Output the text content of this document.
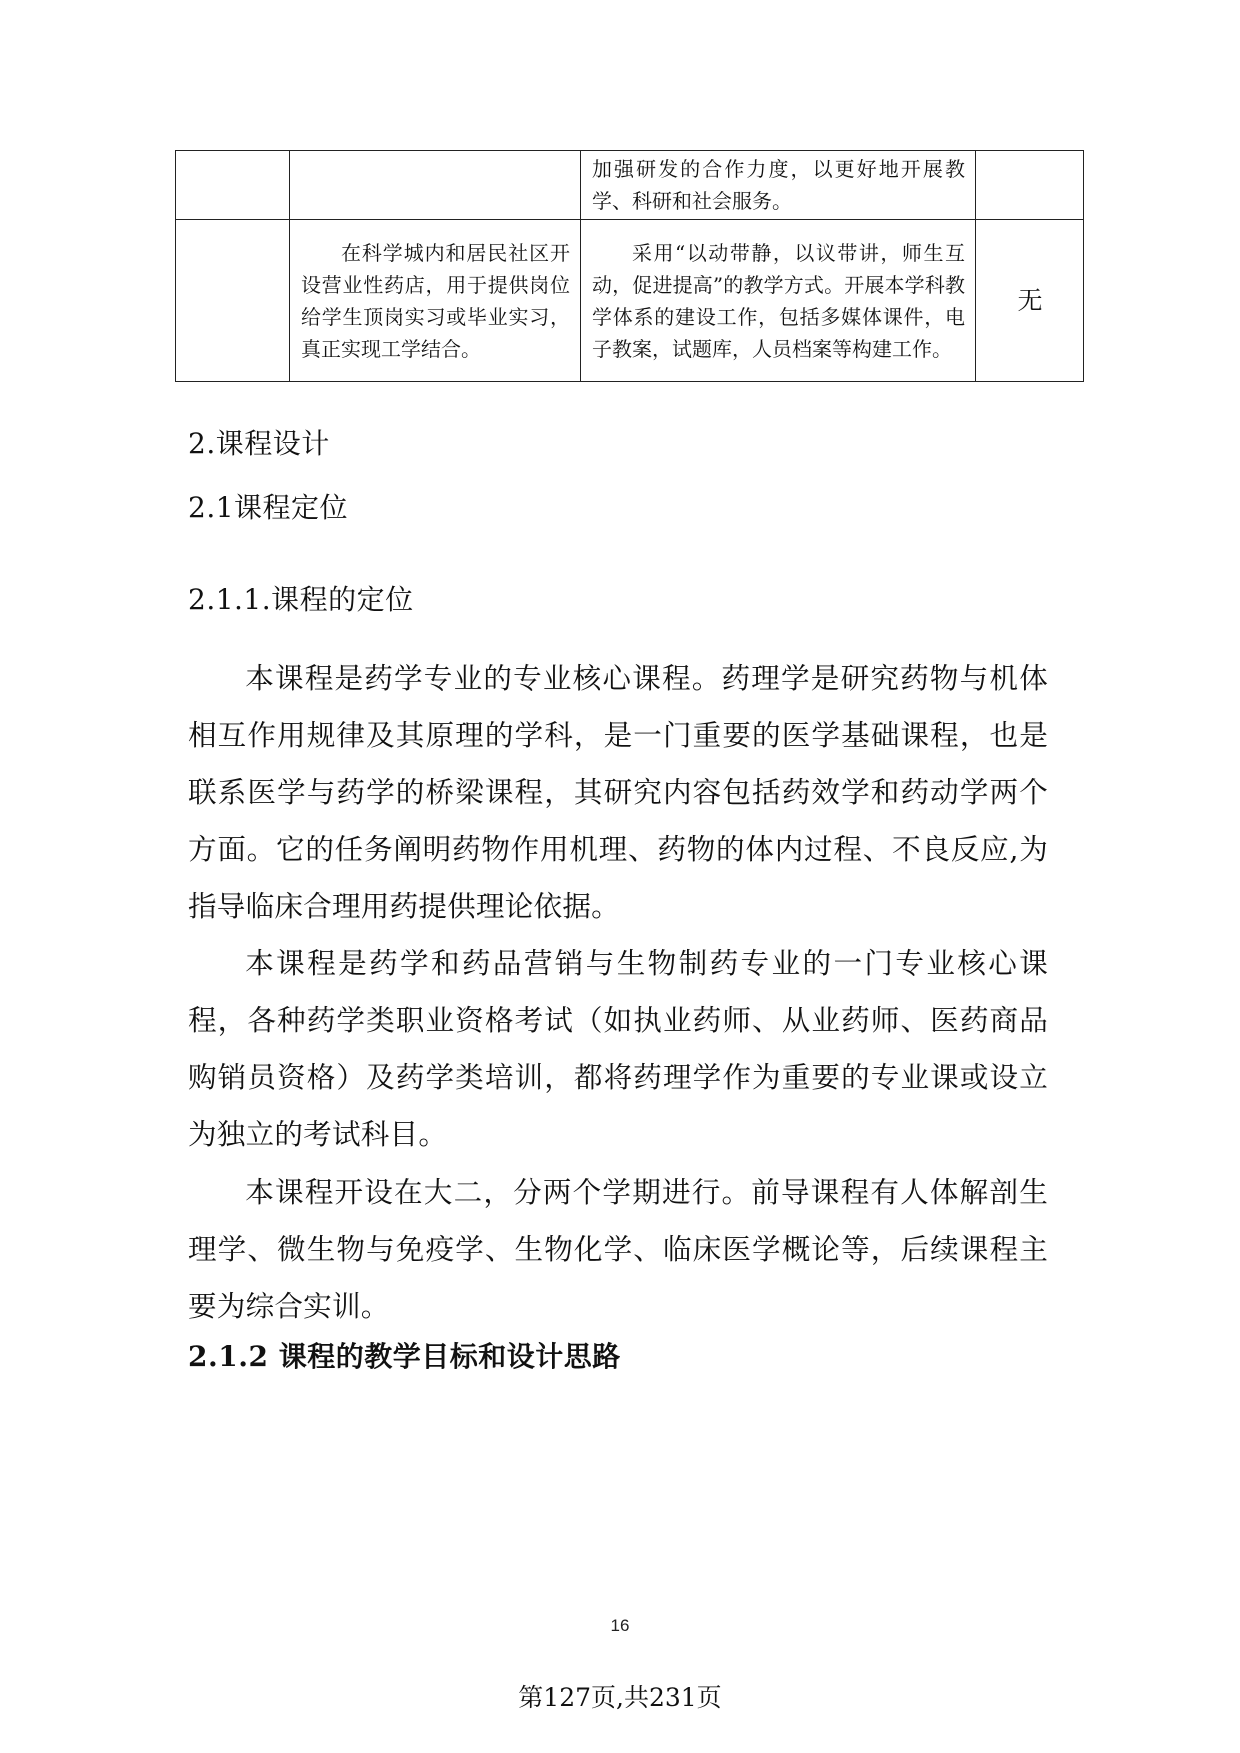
		加强研发的合作力度，以更好地开展教学、科研和社会服务。	
	在科学城内和居民社区开设营业性药店，用于提供岗位给学生顶岗实习或毕业实习，真正实现工学结合。	采用“以动带静，以议带讲，师生互动，促进提高”的教学方式。开展本学科教学体系的建设工作，包括多媒体课件，电子教案，试题库，人员档案等构建工作。	无
2.课程设计
2.1课程定位
2.1.1.课程的定位

本课程是药学专业的专业核心课程。药理学是研究药物与机体相互作用规律及其原理的学科，是一门重要的医学基础课程，也是联系医学与药学的桥梁课程，其研究内容包括药效学和药动学两个方面。它的任务阐明药物作用机理、药物的体内过程、不良反应,为指导临床合理用药提供理论依据。

本课程是药学和药品营销与生物制药专业的一门专业核心课程，各种药学类职业资格考试（如执业药师、从业药师、医药商品购销员资格）及药学类培训，都将药理学作为重要的专业课或设立为独立的考试科目。

本课程开设在大二，分两个学期进行。前导课程有人体解剖生理学、微生物与免疫学、生物化学、临床医学概论等，后续课程主要为综合实训。

2.1.2 课程的教学目标和设计思路
16
第127页,共231页
